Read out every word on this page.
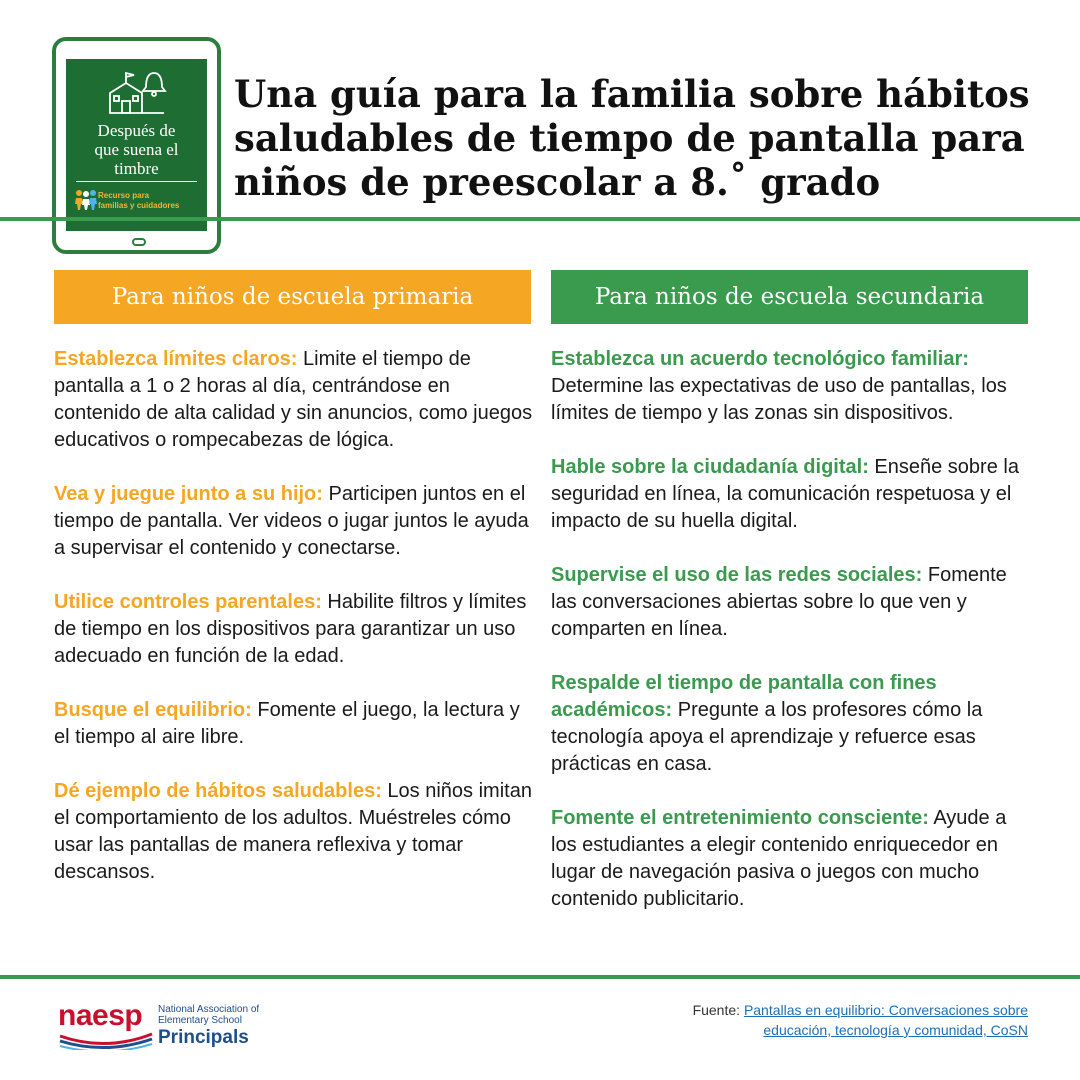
Después de
que suena el
timbre
Recurso para
familias y cuidadores
Una guía para la familia sobre hábitos
saludables de tiempo de pantalla para
niños de preescolar a 8.˚ grado
Para niños de escuela primaria	Para niños de escuela secundaria

Establezca límites claros: Limite el tiempo de pantalla a 1 o 2 horas al día, centrándose en contenido de alta calidad y sin anuncios, como juegos educativos o rompecabezas de lógica.

Vea y juegue junto a su hijo: Participen juntos en el tiempo de pantalla. Ver videos o jugar juntos le ayuda a supervisar el contenido y conectarse.

Utilice controles parentales: Habilite filtros y límites de tiempo en los dispositivos para garantizar un uso adecuado en función de la edad.

Busque el equilibrio: Fomente el juego, la lectura y el tiempo al aire libre.

Dé ejemplo de hábitos saludables: Los niños imitan el comportamiento de los adultos. Muéstreles cómo usar las pantallas de manera reflexiva y tomar descansos.

Establezca un acuerdo tecnológico familiar: Determine las expectativas de uso de pantallas, los límites de tiempo y las zonas sin dispositivos.

Hable sobre la ciudadanía digital: Enseñe sobre la seguridad en línea, la comunicación respetuosa y el impacto de su huella digital.

Supervise el uso de las redes sociales: Fomente las conversaciones abiertas sobre lo que ven y comparten en línea.

Respalde el tiempo de pantalla con fines académicos: Pregunte a los profesores cómo la tecnología apoya el aprendizaje y refuerce esas prácticas en casa.

Fomente el entretenimiento consciente: Ayude a los estudiantes a elegir contenido enriquecedor en lugar de navegación pasiva o juegos con mucho contenido publicitario.

naesp National Association of
Elementary School
Principals
Fuente: Pantallas en equilibrio: Conversaciones sobre
educación, tecnología y comunidad, CoSN
